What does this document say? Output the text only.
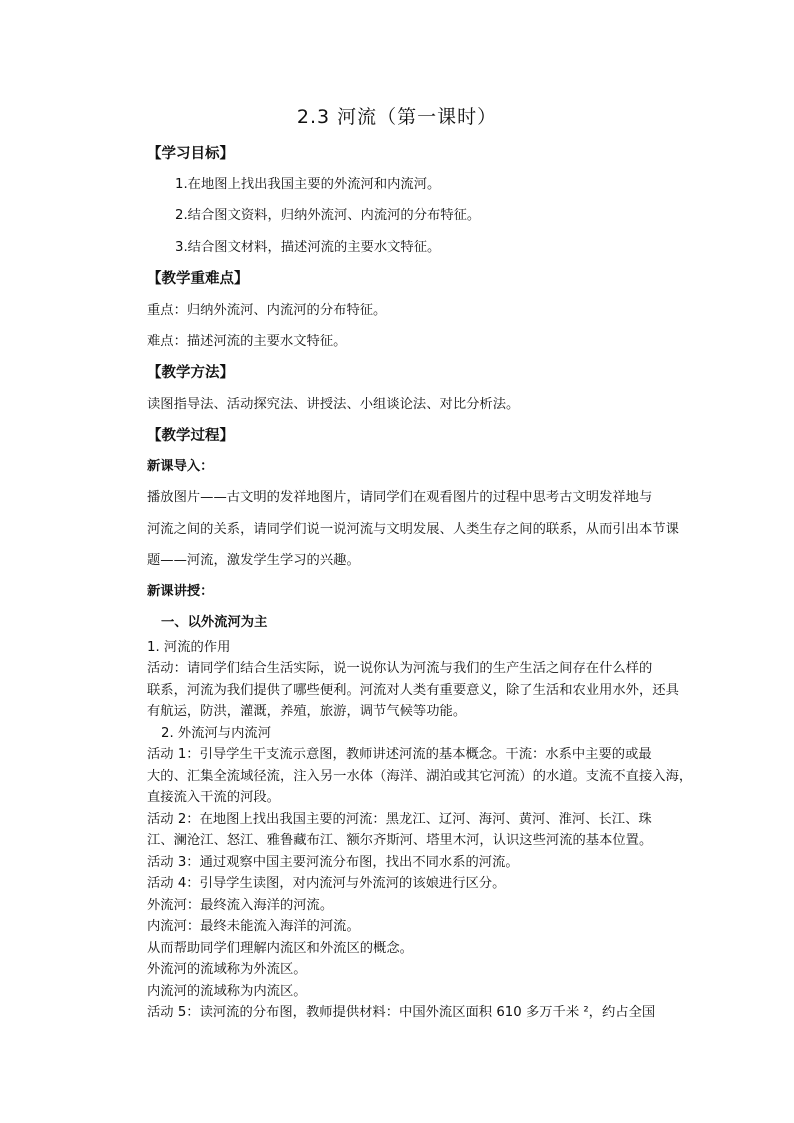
2.3 河流（第一课时）
【学习目标】
1.在地图上找出我国主要的外流河和内流河。
2.结合图文资料，归纳外流河、内流河的分布特征。
3.结合图文材料，描述河流的主要水文特征。
【教学重难点】
重点：归纳外流河、内流河的分布特征。
难点：描述河流的主要水文特征。
【教学方法】
读图指导法、活动探究法、讲授法、小组谈论法、对比分析法。
【教学过程】
新课导入：
播放图片——古文明的发祥地图片，请同学们在观看图片的过程中思考古文明发祥地与
河流之间的关系，请同学们说一说河流与文明发展、人类生存之间的联系，从而引出本节课
题——河流，激发学生学习的兴趣。
新课讲授：
一、以外流河为主
1. 河流的作用
活动：请同学们结合生活实际，说一说你认为河流与我们的生产生活之间存在什么样的
联系，河流为我们提供了哪些便利。河流对人类有重要意义，除了生活和农业用水外，还具
有航运，防洪，灌溉，养殖，旅游，调节气候等功能。
2. 外流河与内流河
活动 1：引导学生干支流示意图，教师讲述河流的基本概念。干流：水系中主要的或最
大的、汇集全流域径流，注入另一水体（海洋、湖泊或其它河流）的水道。支流不直接入海，
直接流入干流的河段。
活动 2：在地图上找出我国主要的河流：黑龙江、辽河、海河、黄河、淮河、长江、珠
江、澜沧江、怒江、雅鲁藏布江、额尔齐斯河、塔里木河，认识这些河流的基本位置。
活动 3：通过观察中国主要河流分布图，找出不同水系的河流。
活动 4：引导学生读图，对内流河与外流河的该娘进行区分。
外流河：最终流入海洋的河流。
内流河：最终未能流入海洋的河流。
从而帮助同学们理解内流区和外流区的概念。
外流河的流域称为外流区。
内流河的流域称为内流区。
活动 5：读河流的分布图，教师提供材料：中国外流区面积 610 多万千米 ²，约占全国
